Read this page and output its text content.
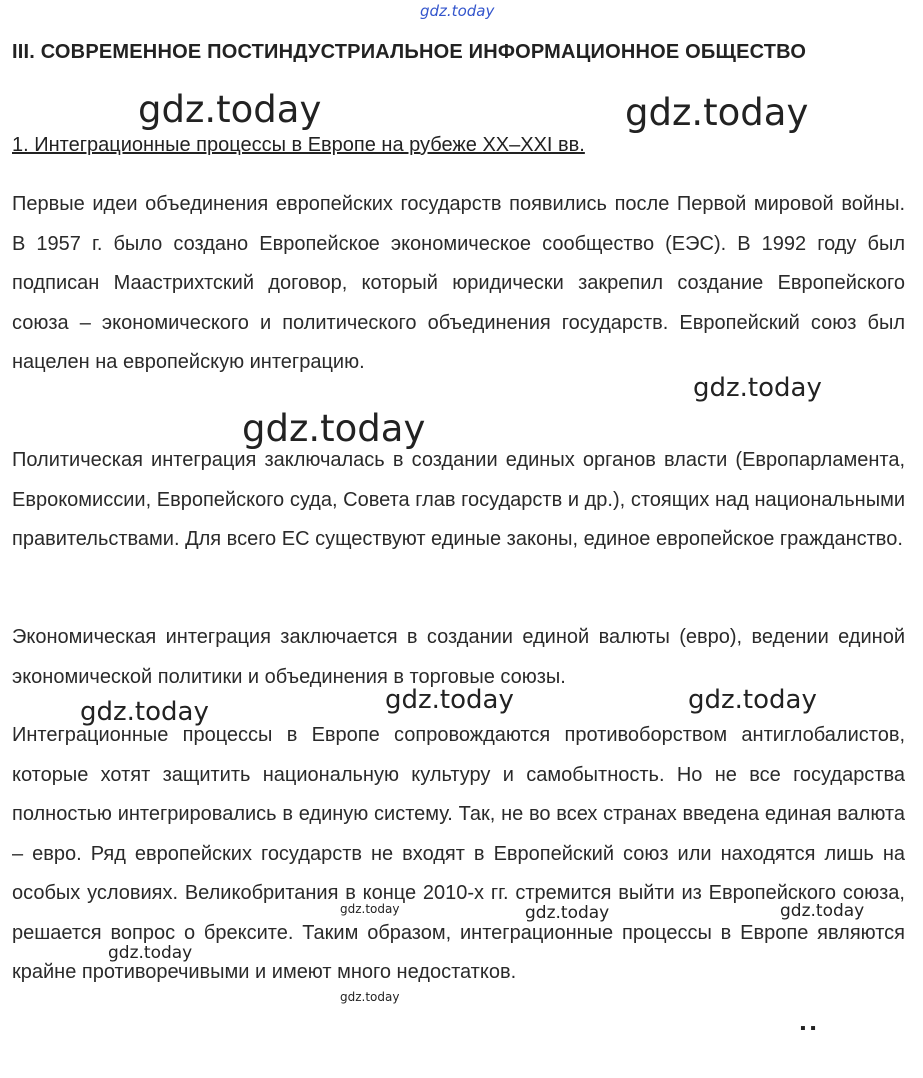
III. СОВРЕМЕННОЕ ПОСТИНДУСТРИАЛЬНОЕ ИНФОРМАЦИОННОЕ ОБЩЕСТВО
1. Интеграционные процессы в Европе на рубеже XX–XXI вв.

Первые идеи объединения европейских государств появились после Первой мировой войны. В 1957 г. было создано Европейское экономическое сообщество (ЕЭС). В 1992 году был подписан Маастрихтский договор, который юридически закрепил создание Европейского союза – экономического и политического объединения государств. Европейский союз был нацелен на европейскую интеграцию.

Политическая интеграция заключалась в создании единых органов власти (Европарламента, Еврокомиссии, Европейского суда, Совета глав государств и др.), стоящих над национальными правительствами. Для всего ЕС существуют единые законы, единое европейское гражданство.

Экономическая интеграция заключается в создании единой валюты (евро), ведении единой экономической политики и объединения в торговые союзы.

Интеграционные процессы в Европе сопровождаются противоборством антиглобалистов, которые хотят защитить национальную культуру и самобытность. Но не все государства полностью интегрировались в единую систему. Так, не во всех странах введена единая валюта – евро. Ряд европейских государств не входят в Европейский союз или находятся лишь на особых условиях. Великобритания в конце 2010-х гг. стремится выйти из Европейского союза, решается вопрос о брексите. Таким образом, интеграционные процессы в Европе являются крайне противоречивыми и имеют много недостатков.

gdz.today
gdz.today	gdz.today
gdz.today
gdz.today
gdz.today	gdz.today	gdz.today
gdz.today	gdz.today	gdz.today
gdz.today
gdz.today
▪ ▪
